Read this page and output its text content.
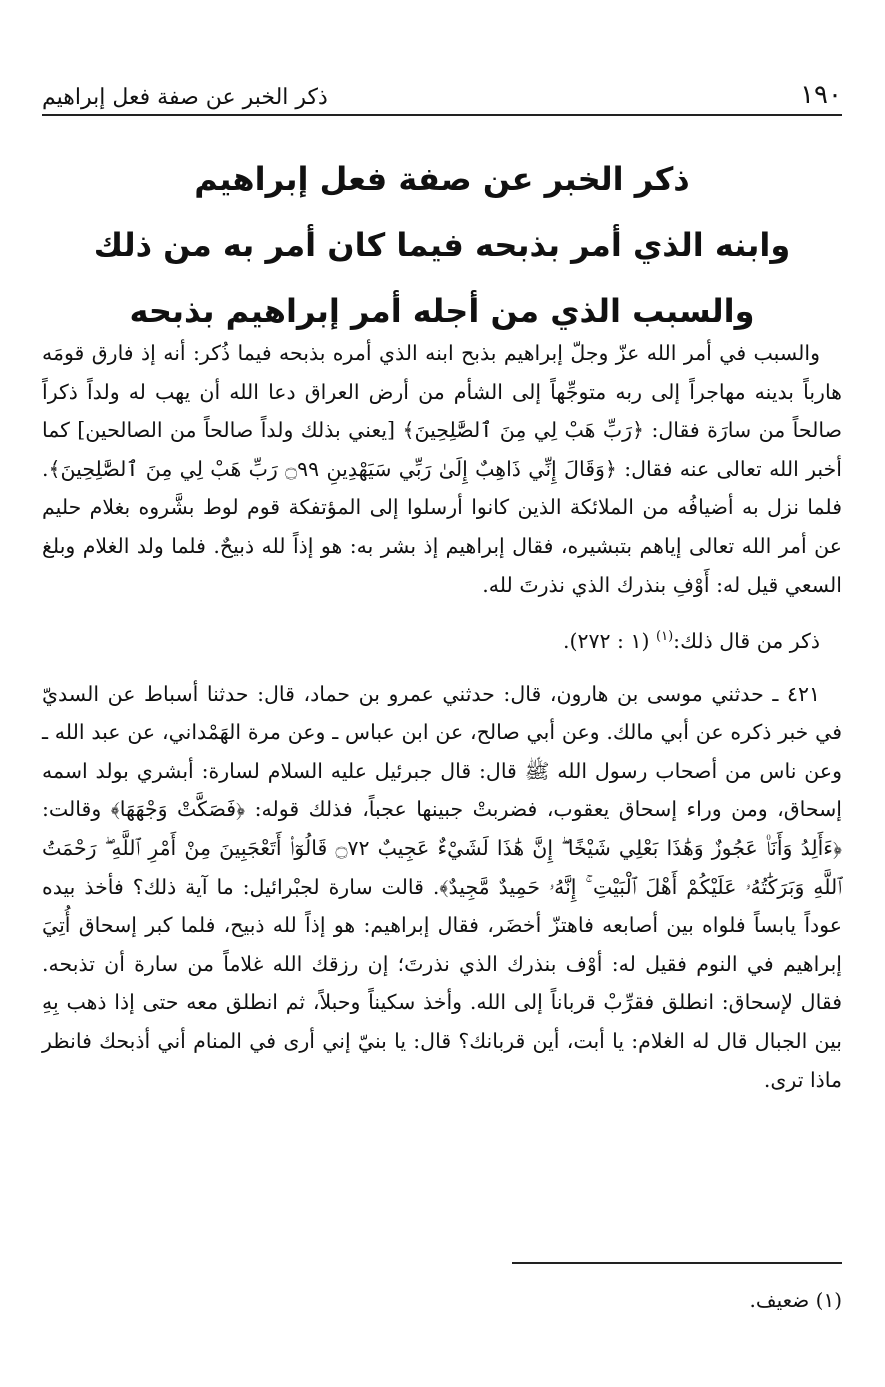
١٩٠
ذكر الخبر عن صفة فعل إبراهيم
ذكر الخبر عن صفة فعل إبراهيم
وابنه الذي أمر بذبحه فيما كان أمر به من ذلك
والسبب الذي من أجله أمر إبراهيم بذبحه

والسبب في أمر الله عزّ وجلّ إبراهيم بذبح ابنه الذي أمره بذبحه فيما ذُكر: أنه إذ فارق قومَه هارباً بدينه مهاجراً إلى ربه متوجِّهاً إلى الشأم من أرض العراق دعا الله أن يهب له ولداً ذكراً صالحاً من سارَة فقال: ﴿رَبِّ هَبْ لِي مِنَ ٱلصَّٰلِحِينَ﴾ [يعني بذلك ولداً صالحاً من الصالحين] كما أخبر الله تعالى عنه فقال: ﴿وَقَالَ إِنِّي ذَاهِبٌ إِلَىٰ رَبِّي سَيَهْدِينِ ۝٩٩ رَبِّ هَبْ لِي مِنَ ٱلصَّٰلِحِينَ﴾. فلما نزل به أضيافُه من الملائكة الذين كانوا أرسلوا إلى المؤتفكة قوم لوط بشَّروه بغلام حليم عن أمر الله تعالى إياهم بتبشيره، فقال إبراهيم إذ بشر به: هو إذاً لله ذبيحٌ. فلما ولد الغلام وبلغ السعي قيل له: أَوْفِ بنذرك الذي نذرتَ لله.

ذكر من قال ذلك:$^{(١)}$ (١ : ٢٧٢).

٤٢١ ـ حدثني موسى بن هارون، قال: حدثني عمرو بن حماد، قال: حدثنا أسباط عن السديّ في خبر ذكره عن أبي مالك. وعن أبي صالح، عن ابن عباس ـ وعن مرة الهَمْداني، عن عبد الله ـ وعن ناس من أصحاب رسول الله ﷺ قال: قال جبرئيل عليه السلام لسارة: أبشري بولد اسمه إسحاق، ومن وراء إسحاق يعقوب، فضربتْ جبينها عجباً، فذلك قوله: ﴿فَصَكَّتْ وَجْهَهَا﴾ وقالت: ﴿ءَأَلِدُ وَأَنَا۠ عَجُوزٌ وَهَٰذَا بَعْلِي شَيْخًا ۖ إِنَّ هَٰذَا لَشَيْءٌ عَجِيبٌ ۝٧٢ قَالُوٓا۟ أَتَعْجَبِينَ مِنْ أَمْرِ ٱللَّهِ ۖ رَحْمَتُ ٱللَّهِ وَبَرَكَٰتُهُۥ عَلَيْكُمْ أَهْلَ ٱلْبَيْتِ ۚ إِنَّهُۥ حَمِيدٌ مَّجِيدٌ﴾. قالت سارة لجبْرائيل: ما آية ذلك؟ فأخذ بيده عوداً يابساً فلواه بين أصابعه فاهتزّ أخضَر، فقال إبراهيم: هو إذاً لله ذبيح، فلما كبر إسحاق أُتِيَ إبراهيم في النوم فقيل له: أوْف بنذرك الذي نذرتَ؛ إن رزقك الله غلاماً من سارة أن تذبحه. فقال لإسحاق: انطلق فقرِّبْ قرباناً إلى الله. وأخذ سكيناً وحبلاً، ثم انطلق معه حتى إذا ذهب بِهِ بين الجبال قال له الغلام: يا أبت، أين قربانك؟ قال: يا بنيّ إني أرى في المنام أني أذبحك فانظر ماذا ترى.

(١) ضعيف.
